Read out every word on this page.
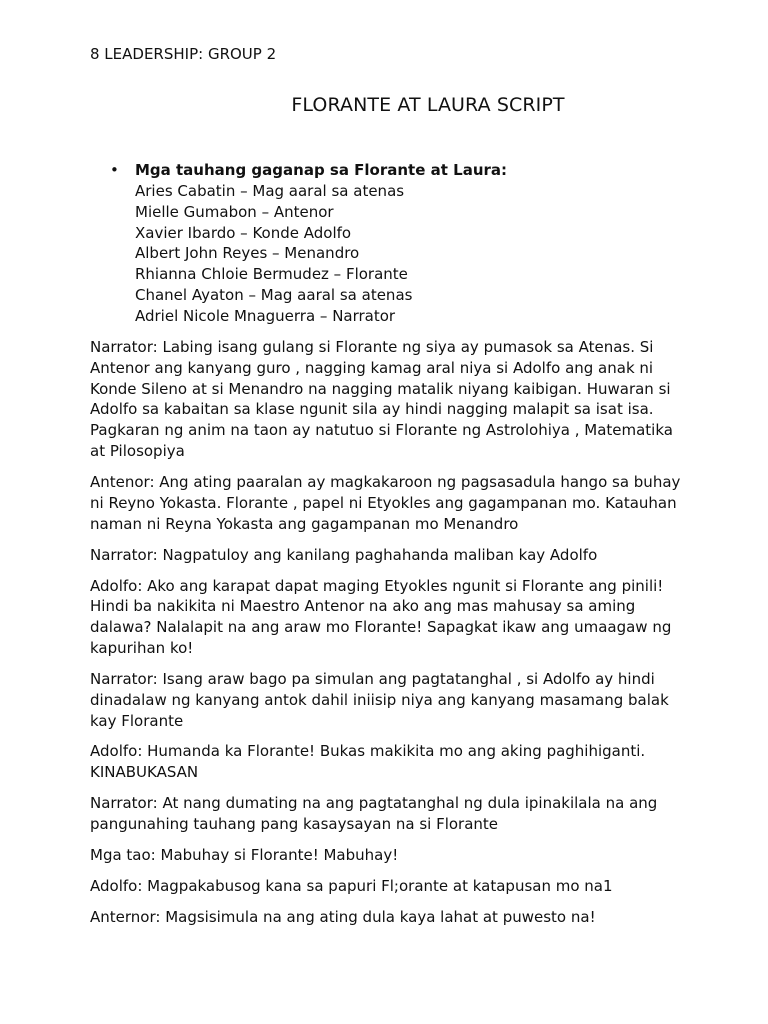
8 LEADERSHIP: GROUP 2
FLORANTE AT LAURA SCRIPT
• Mga tauhang gaganap sa Florante at Laura:
Aries Cabatin – Mag aaral sa atenas
Mielle Gumabon – Antenor
Xavier Ibardo – Konde Adolfo
Albert John Reyes – Menandro
Rhianna Chloie Bermudez – Florante
Chanel Ayaton – Mag aaral sa atenas
Adriel Nicole Mnaguerra – Narrator

Narrator: Labing isang gulang si Florante ng siya ay pumasok sa Atenas. Si Antenor ang kanyang guro , nagging kamag aral niya si Adolfo ang anak ni Konde Sileno at si Menandro na nagging matalik niyang kaibigan. Huwaran si Adolfo sa kabaitan sa klase ngunit sila ay hindi nagging malapit sa isat isa. Pagkaran ng anim na taon ay natutuo si Florante ng Astrolohiya , Matematika at Pilosopiya

Antenor: Ang ating paaralan ay magkakaroon ng pagsasadula hango sa buhay ni Reyno Yokasta. Florante , papel ni Etyokles ang gagampanan mo. Katauhan naman ni Reyna Yokasta ang gagampanan mo Menandro

Narrator: Nagpatuloy ang kanilang paghahanda maliban kay Adolfo

Adolfo: Ako ang karapat dapat maging Etyokles ngunit si Florante ang pinili! Hindi ba nakikita ni Maestro Antenor na ako ang mas mahusay sa aming dalawa? Nalalapit na ang araw mo Florante! Sapagkat ikaw ang umaagaw ng kapurihan ko!

Narrator: Isang araw bago pa simulan ang pagtatanghal , si Adolfo ay hindi dinadalaw ng kanyang antok dahil iniisip niya ang kanyang masamang balak kay Florante

Adolfo: Humanda ka Florante! Bukas makikita mo ang aking paghihiganti. KINABUKASAN

Narrator: At nang dumating na ang pagtatanghal ng dula ipinakilala na ang pangunahing tauhang pang kasaysayan na si Florante

Mga tao: Mabuhay si Florante! Mabuhay!

Adolfo: Magpakabusog kana sa papuri Fl;orante at katapusan mo na1

Anternor: Magsisimula na ang ating dula kaya lahat at puwesto na!
